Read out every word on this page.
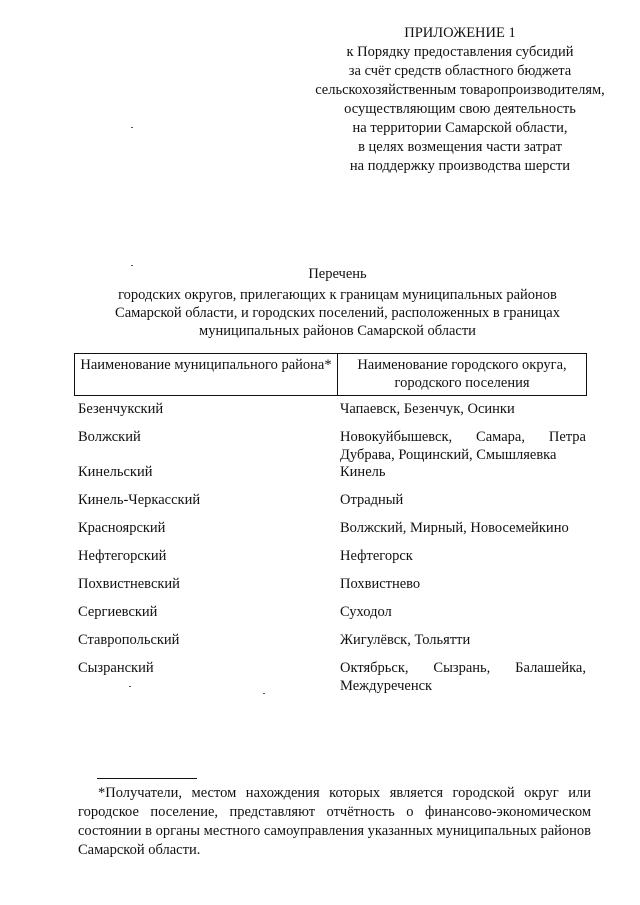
ПРИЛОЖЕНИЕ 1
к Порядку предоставления субсидий
за счёт средств областного бюджета
сельскохозяйственным товаропроизводителям,
осуществляющим свою деятельность
на территории Самарской области,
в целях возмещения части затрат
на поддержку производства шерсти
Перечень
городских округов, прилегающих к границам муниципальных районов
Самарской области, и городских поселений, расположенных в границах
муниципальных районов Самарской области
Наименование муниципального района*	Наименование городского округа, городского поселения
Безенчукский	Чапаевск, Безенчук, Осинки
Волжский	Новокуйбышевск, Самара, Петра Дубрава, Рощинский, Смышляевка
Кинельский	Кинель
Кинель-Черкасский	Отрадный
Красноярский	Волжский, Мирный, Новосемейкино
Нефтегорский	Нефтегорск
Похвистневский	Похвистнево
Сергиевский	Суходол
Ставропольский	Жигулёвск, Тольятти
Сызранский	Октябрьск, Сызрань, Балашейка, Междуреченск
*Получатели, местом нахождения которых является городской округ или городское поселение, представляют отчётность о финансово-экономическом состоянии в органы местного самоуправления указанных муниципальных районов Самарской области.
